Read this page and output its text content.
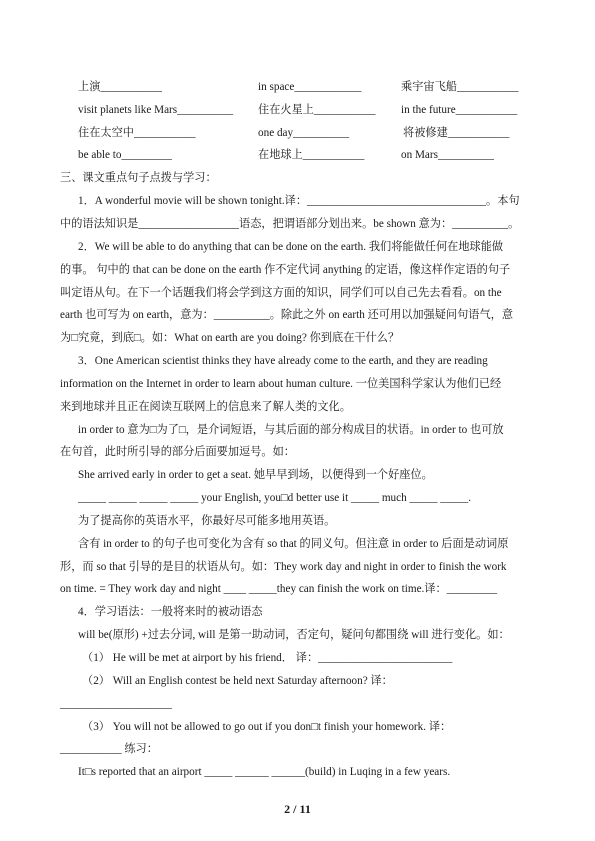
上演___________	in space____________	乘宇宙飞船___________
visit planets like Mars__________ 住在火星上___________ in the future___________
住在太空中___________	one day__________	将被修建___________
be able to_________	在地球上___________	on Mars__________
三、课文重点句子点拨与学习：
1．A wonderful movie will be shown tonight.译：________________________________。本句
中的语法知识是__________________语态，把谓语部分划出来。be shown 意为：__________。
2．We will be able to do anything that can be done on the earth. 我们将能做任何在地球能做
的事。 句中的 that can be done on the earth 作不定代词 anything 的定语，像这样作定语的句子
叫定语从句。在下一个话题我们将会学到这方面的知识，同学们可以自己先去看看。on the
earth 也可写为 on earth，意为：__________。除此之外 on earth 还可用以加强疑问句语气，意
为□究竟，到底□。如：What on earth are you doing? 你到底在干什么？
3．One American scientist thinks they have already come to the earth, and they are reading
information on the Internet in order to learn about human culture. 一位美国科学家认为他们已经
来到地球并且正在阅读互联网上的信息来了解人类的文化。
in order to 意为□为了□，是介词短语，与其后面的部分构成目的状语。in order to 也可放
在句首，此时所引导的部分后面要加逗号。如：
She arrived early in order to get a seat. 她早早到场，以便得到一个好座位。
_____ _____ _____ _____ your English, you□d better use it _____ much _____ _____.
为了提高你的英语水平，你最好尽可能多地用英语。
含有 in order to 的句子也可变化为含有 so that 的同义句。但注意 in order to 后面是动词原
形，而 so that 引导的是目的状语从句。如：They work day and night in order to finish the work
on time. = They work day and night ____ _____they can finish the work on time.译：_________
4．学习语法：一般将来时的被动语态
will be(原形) +过去分词, will 是第一助动词，否定句，疑问句都围绕 will 进行变化。如：
（1） He will be met at airport by his friend． 译：________________________
（2） Will an English contest be held next Saturday afternoon? 译：
____________________
（3） You will not be allowed to go out if you don□t finish your homework. 译：
___________ 练习：
It□s reported that an airport _____ ______ ______(build) in Luqing in a few years.
2 / 11
